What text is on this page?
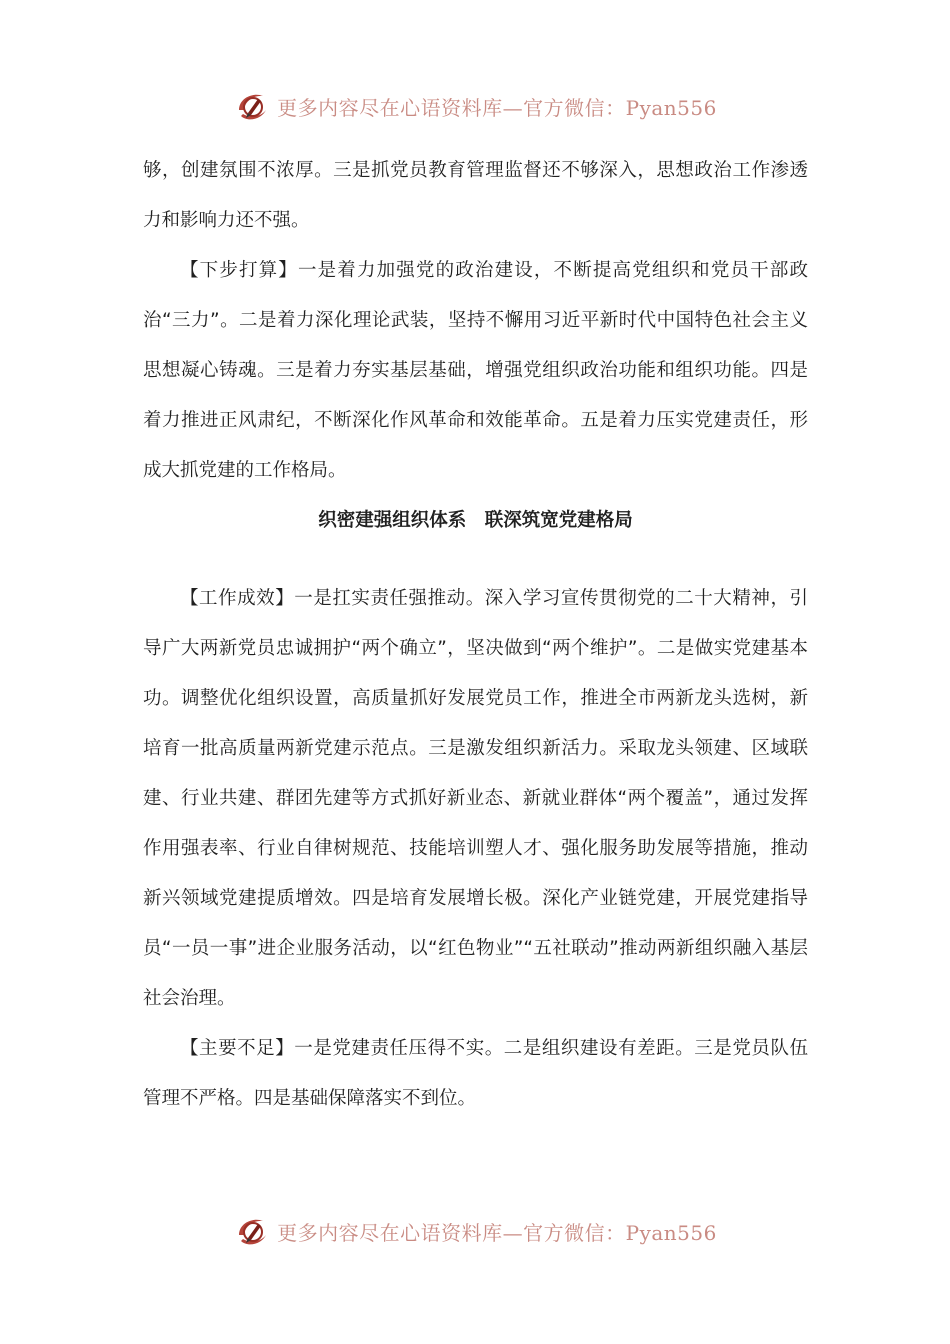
更多内容尽在心语资料库—官方微信：Pyan556

够，创建氛围不浓厚。三是抓党员教育管理监督还不够深入，思想政治工作渗透力和影响力还不强。

【下步打算】一是着力加强党的政治建设，不断提高党组织和党员干部政治“三力”。二是着力深化理论武装，坚持不懈用习近平新时代中国特色社会主义思想凝心铸魂。三是着力夯实基层基础，增强党组织政治功能和组织功能。四是着力推进正风肃纪，不断深化作风革命和效能革命。五是着力压实党建责任，形成大抓党建的工作格局。

织密建强组织体系　联深筑宽党建格局

【工作成效】一是扛实责任强推动。深入学习宣传贯彻党的二十大精神，引导广大两新党员忠诚拥护“两个确立”，坚决做到“两个维护”。二是做实党建基本功。调整优化组织设置，高质量抓好发展党员工作，推进全市两新龙头选树，新培育一批高质量两新党建示范点。三是激发组织新活力。采取龙头领建、区域联建、行业共建、群团先建等方式抓好新业态、新就业群体“两个覆盖”，通过发挥作用强表率、行业自律树规范、技能培训塑人才、强化服务助发展等措施，推动新兴领域党建提质增效。四是培育发展增长极。深化产业链党建，开展党建指导员“一员一事”进企业服务活动，以“红色物业”“五社联动”推动两新组织融入基层社会治理。

【主要不足】一是党建责任压得不实。二是组织建设有差距。三是党员队伍管理不严格。四是基础保障落实不到位。

更多内容尽在心语资料库—官方微信：Pyan556
